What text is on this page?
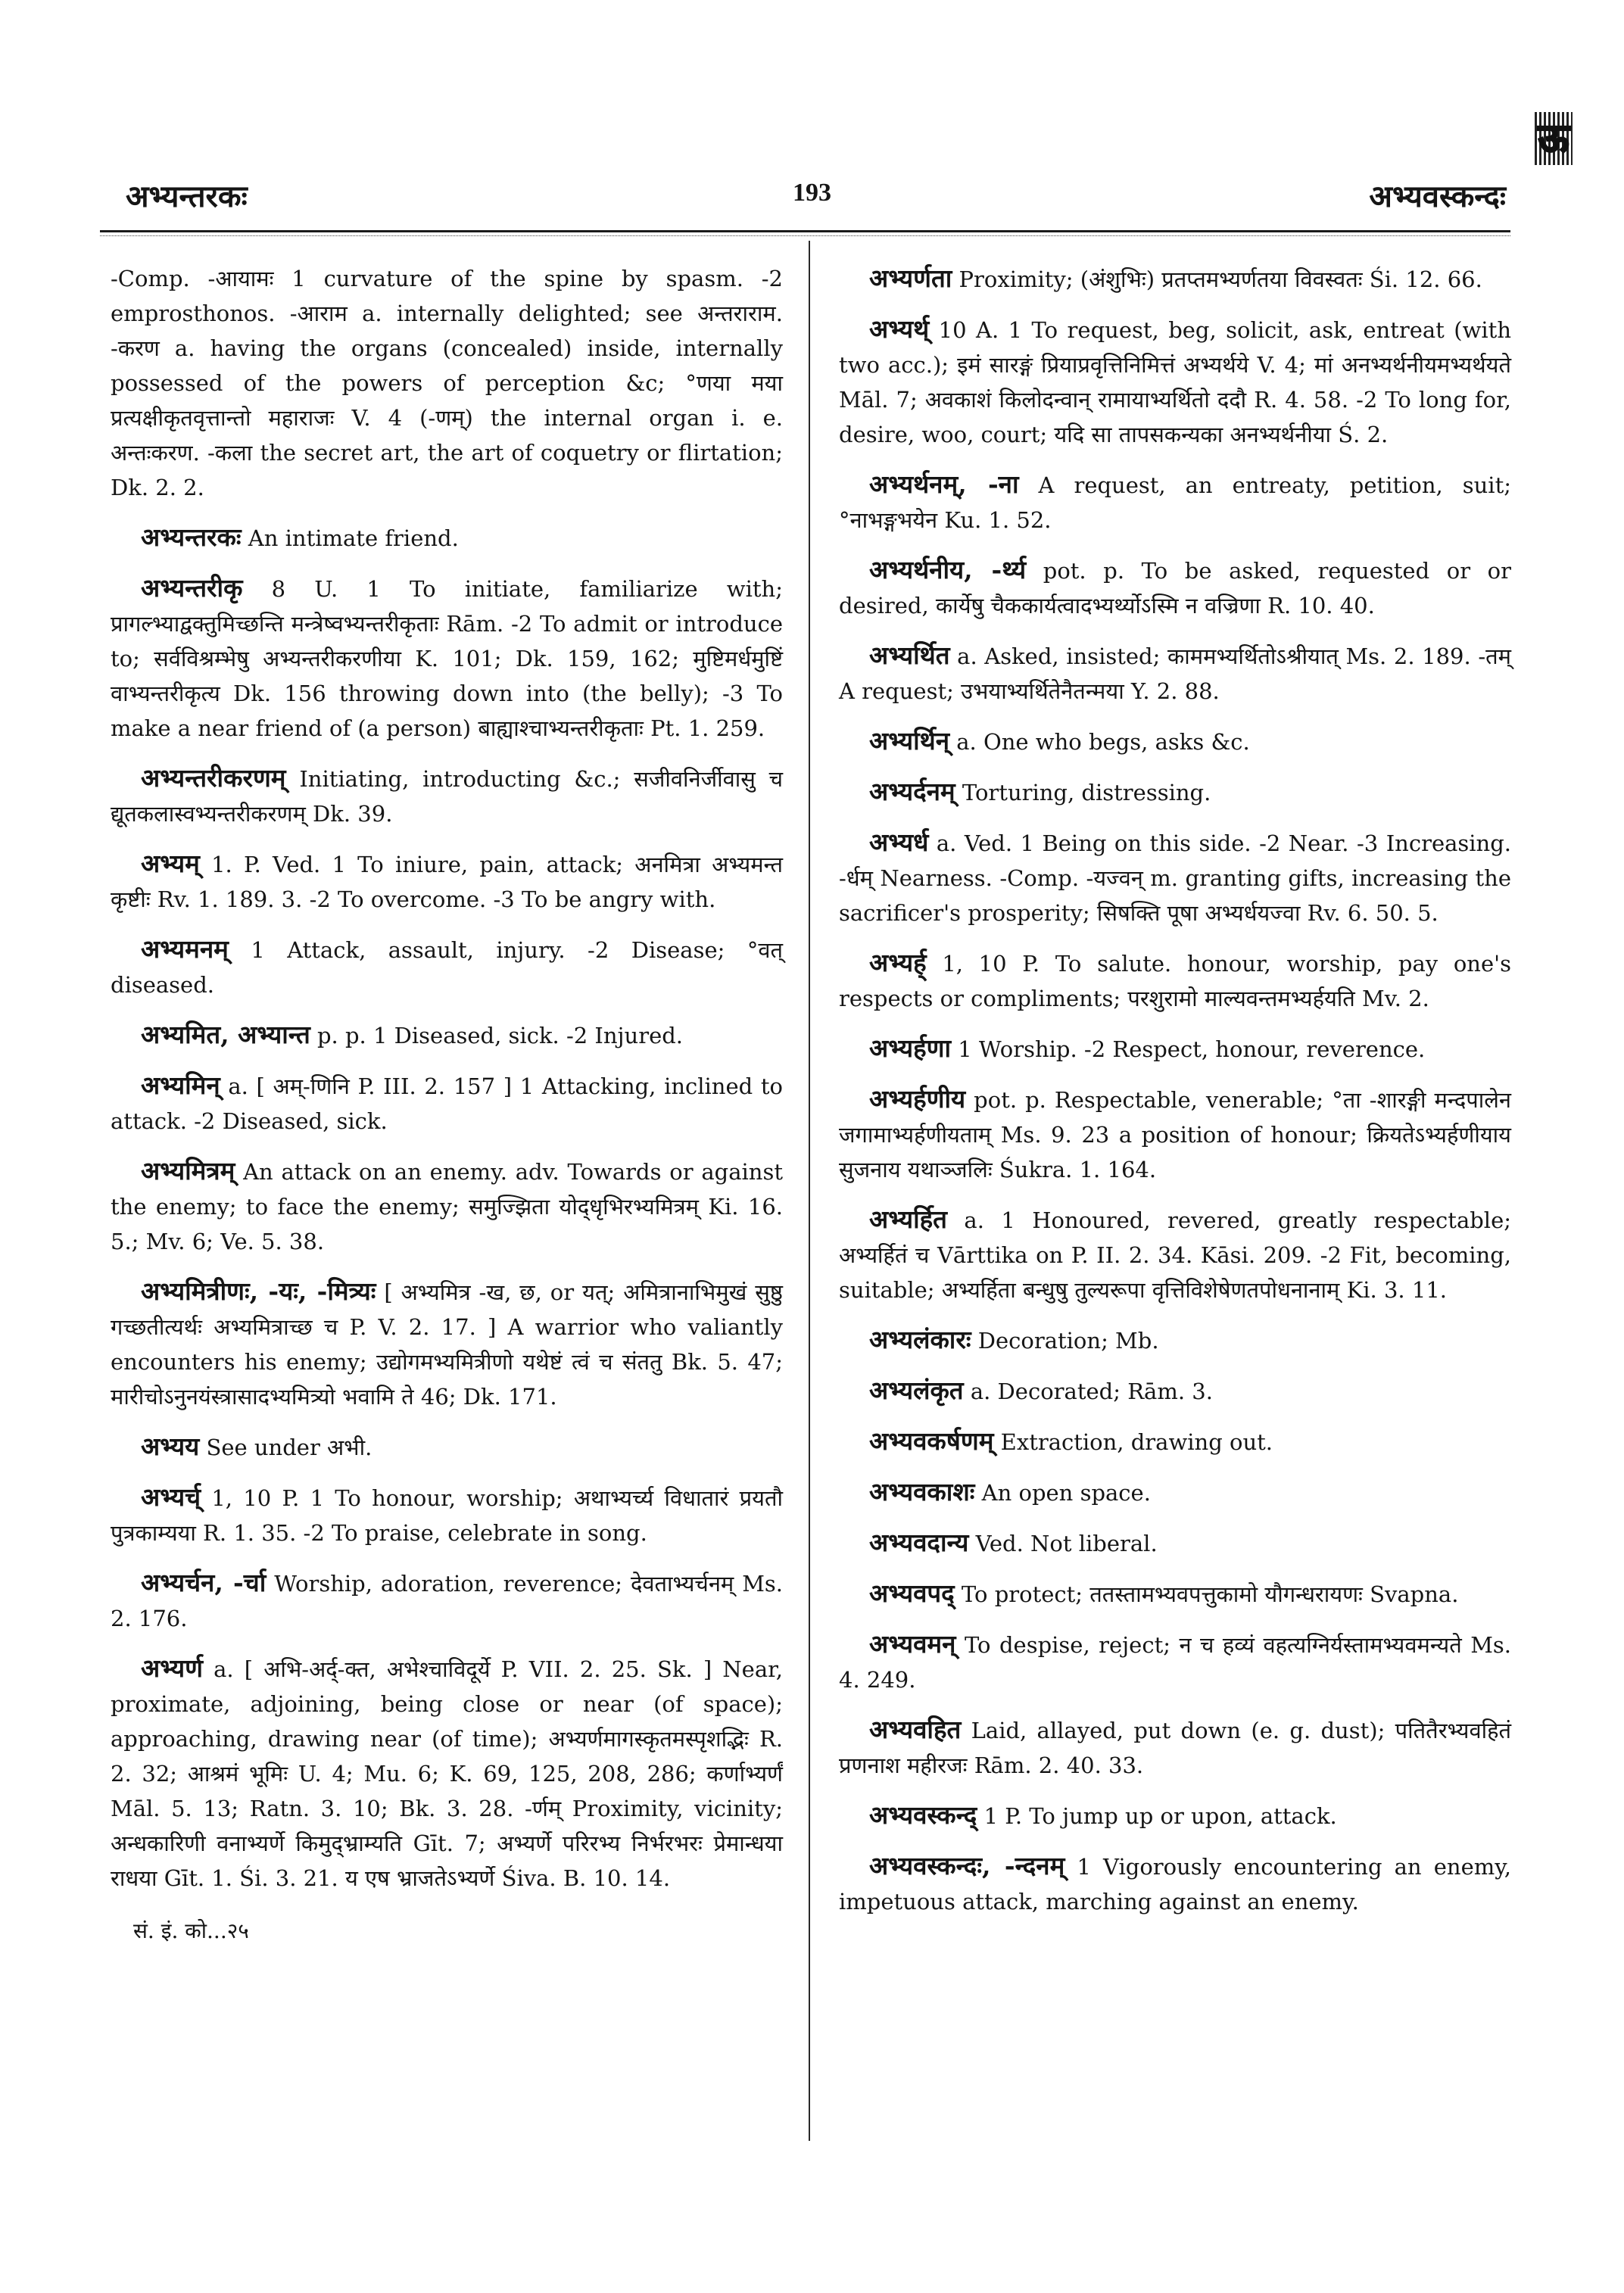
ऊ
अभ्यन्तरकः	193	अभ्यवस्कन्दः

-Comp. -आयामः 1 curvature of the spine by spasm. -2 emprosthonos. -आराम a. internally delighted; see अन्तराराम. -करण a. having the organs (concealed) inside, internally possessed of the powers of perception &c; °णया मया प्रत्यक्षीकृतवृत्तान्तो महाराजः V. 4 (-णम्) the internal organ i. e. अन्तःकरण. -कला the secret art, the art of coquetry or flirtation; Dk. 2. 2.

अभ्यन्तरकः An intimate friend.

अभ्यन्तरीकृ 8 U. 1 To initiate, familiarize with; प्रागल्भ्याद्वक्तुमिच्छन्ति मन्त्रेष्वभ्यन्तरीकृताः Rām. -2 To admit or introduce to; सर्वविश्रम्भेषु अभ्यन्तरीकरणीया K. 101; Dk. 159, 162; मुष्टिमर्धमुष्टिं वाभ्यन्तरीकृत्य Dk. 156 throwing down into (the belly); -3 To make a near friend of (a person) बाह्याश्चाभ्यन्तरीकृताः Pt. 1. 259.

अभ्यन्तरीकरणम् Initiating, introducting &c.; सजीवनिर्जीवासु च द्यूतकलास्वभ्यन्तरीकरणम् Dk. 39.

अभ्यम् 1. P. Ved. 1 To iniure, pain, attack; अनमित्रा अभ्यमन्त कृष्टीः Rv. 1. 189. 3. -2 To overcome. -3 To be angry with.

अभ्यमनम् 1 Attack, assault, injury. -2 Disease; °वत् diseased.

अभ्यमित, अभ्यान्त p. p. 1 Diseased, sick. -2 Injured.

अभ्यमिन् a. [ अम्-णिनि P. III. 2. 157 ] 1 Attacking, inclined to attack. -2 Diseased, sick.

अभ्यमित्रम् An attack on an enemy. adv. Towards or against the enemy; to face the enemy; समुज्झिता योद्‌धृभिरभ्यमित्रम् Ki. 16. 5.; Mv. 6; Ve. 5. 38.

अभ्यमित्रीणः, -यः, -मित्र्यः [ अभ्यमित्र -ख, छ, or यत्; अमित्रानाभिमुखं सुष्ठु गच्छतीत्यर्थः अभ्यमित्राच्छ च P. V. 2. 17. ] A warrior who valiantly encounters his enemy; उद्योगमभ्यमित्रीणो यथेष्टं त्वं च संततु Bk. 5. 47; मारीचोऽनुनयंस्त्रासादभ्यमित्र्यो भवामि ते 46; Dk. 171.

अभ्यय See under अभी.

अभ्यर्च् 1, 10 P. 1 To honour, worship; अथाभ्यर्च्य विधातारं प्रयतौ पुत्रकाम्यया R. 1. 35. -2 To praise, celebrate in song.

अभ्यर्चन, -र्चा Worship, adoration, reverence; देवताभ्यर्चनम् Ms. 2. 176.

अभ्यर्ण a. [ अभि-अर्द्-क्त, अभेश्चाविदूर्ये P. VII. 2. 25. Sk. ] Near, proximate, adjoining, being close or near (of space); approaching, drawing near (of time); अभ्यर्णमागस्कृतमस्पृशद्भिः R. 2. 32; आश्रमं भूमिः U. 4; Mu. 6; K. 69, 125, 208, 286; कर्णाभ्यर्णं Māl. 5. 13; Ratn. 3. 10; Bk. 3. 28. -र्णम् Proximity, vicinity; अन्धकारिणी वनाभ्यर्णे किमुद्भ्राम्यति Gīt. 7; अभ्यर्णे परिरभ्य निर्भरभरः प्रेमान्धया राधया Gīt. 1. Śi. 3. 21. य एष भ्राजतेऽभ्यर्णे Śiva. B. 10. 14.

सं. इं. को...२५

अभ्यर्णता Proximity; (अंशुभिः) प्रतप्तमभ्यर्णतया विवस्वतः Śi. 12. 66.

अभ्यर्थ् 10 A. 1 To request, beg, solicit, ask, entreat (with two acc.); इमं सारङ्गं प्रियाप्रवृत्तिनिमित्तं अभ्यर्थये V. 4; मां अनभ्यर्थनीयमभ्यर्थयते Māl. 7; अवकाशं किलोदन्वान् रामायाभ्यर्थितो ददौ R. 4. 58. -2 To long for, desire, woo, court; यदि सा तापसकन्यका अनभ्यर्थनीया Ś. 2.

अभ्यर्थनम्, -ना A request, an entreaty, petition, suit; °नाभङ्गभयेन Ku. 1. 52.

अभ्यर्थनीय, -र्थ्य pot. p. To be asked, requested or or desired, कार्येषु चैककार्यत्वादभ्यर्थ्योऽस्मि न वज्रिणा R. 10. 40.

अभ्यर्थित a. Asked, insisted; काममभ्यर्थितोऽश्रीयात् Ms. 2. 189. -तम् A request; उभयाभ्यर्थितेनैतन्मया Y. 2. 88.

अभ्यर्थिन् a. One who begs, asks &c.

अभ्यर्दनम् Torturing, distressing.

अभ्यर्ध a. Ved. 1 Being on this side. -2 Near. -3 Increasing. -र्धम् Nearness. -Comp. -यज्वन् m. granting gifts, increasing the sacrificer's prosperity; सिषक्ति पूषा अभ्यर्धयज्वा Rv. 6. 50. 5.

अभ्यर्ह् 1, 10 P. To salute. honour, worship, pay one's respects or compliments; परशुरामो माल्यवन्तमभ्यर्हयति Mv. 2.

अभ्यर्हणा 1 Worship. -2 Respect, honour, reverence.

अभ्यर्हणीय pot. p. Respectable, venerable; °ता -शारङ्गी मन्दपालेन जगामाभ्यर्हणीयताम् Ms. 9. 23 a position of honour; क्रियतेऽभ्यर्हणीयाय सुजनाय यथाञ्जलिः Śukra. 1. 164.

अभ्यर्हित a. 1 Honoured, revered, greatly respectable; अभ्यर्हितं च Vārttika on P. II. 2. 34. Kāsi. 209. -2 Fit, becoming, suitable; अभ्यर्हिता बन्धुषु तुल्यरूपा वृत्तिविशेषेणतपोधनानाम् Ki. 3. 11.

अभ्यलंकारः Decoration; Mb.

अभ्यलंकृत a. Decorated; Rām. 3.

अभ्यवकर्षणम् Extraction, drawing out.

अभ्यवकाशः An open space.

अभ्यवदान्य Ved. Not liberal.

अभ्यवपद् To protect; ततस्तामभ्यवपत्तुकामो यौगन्धरायणः Svapna.

अभ्यवमन् To despise, reject; न च हव्यं वहत्यग्निर्यस्तामभ्यवमन्यते Ms. 4. 249.

अभ्यवहित Laid, allayed, put down (e. g. dust); पतितैरभ्यवहितं प्रणनाश महीरजः Rām. 2. 40. 33.

अभ्यवस्कन्द् 1 P. To jump up or upon, attack.

अभ्यवस्कन्दः, -न्दनम् 1 Vigorously encountering an enemy, impetuous attack, marching against an enemy.
